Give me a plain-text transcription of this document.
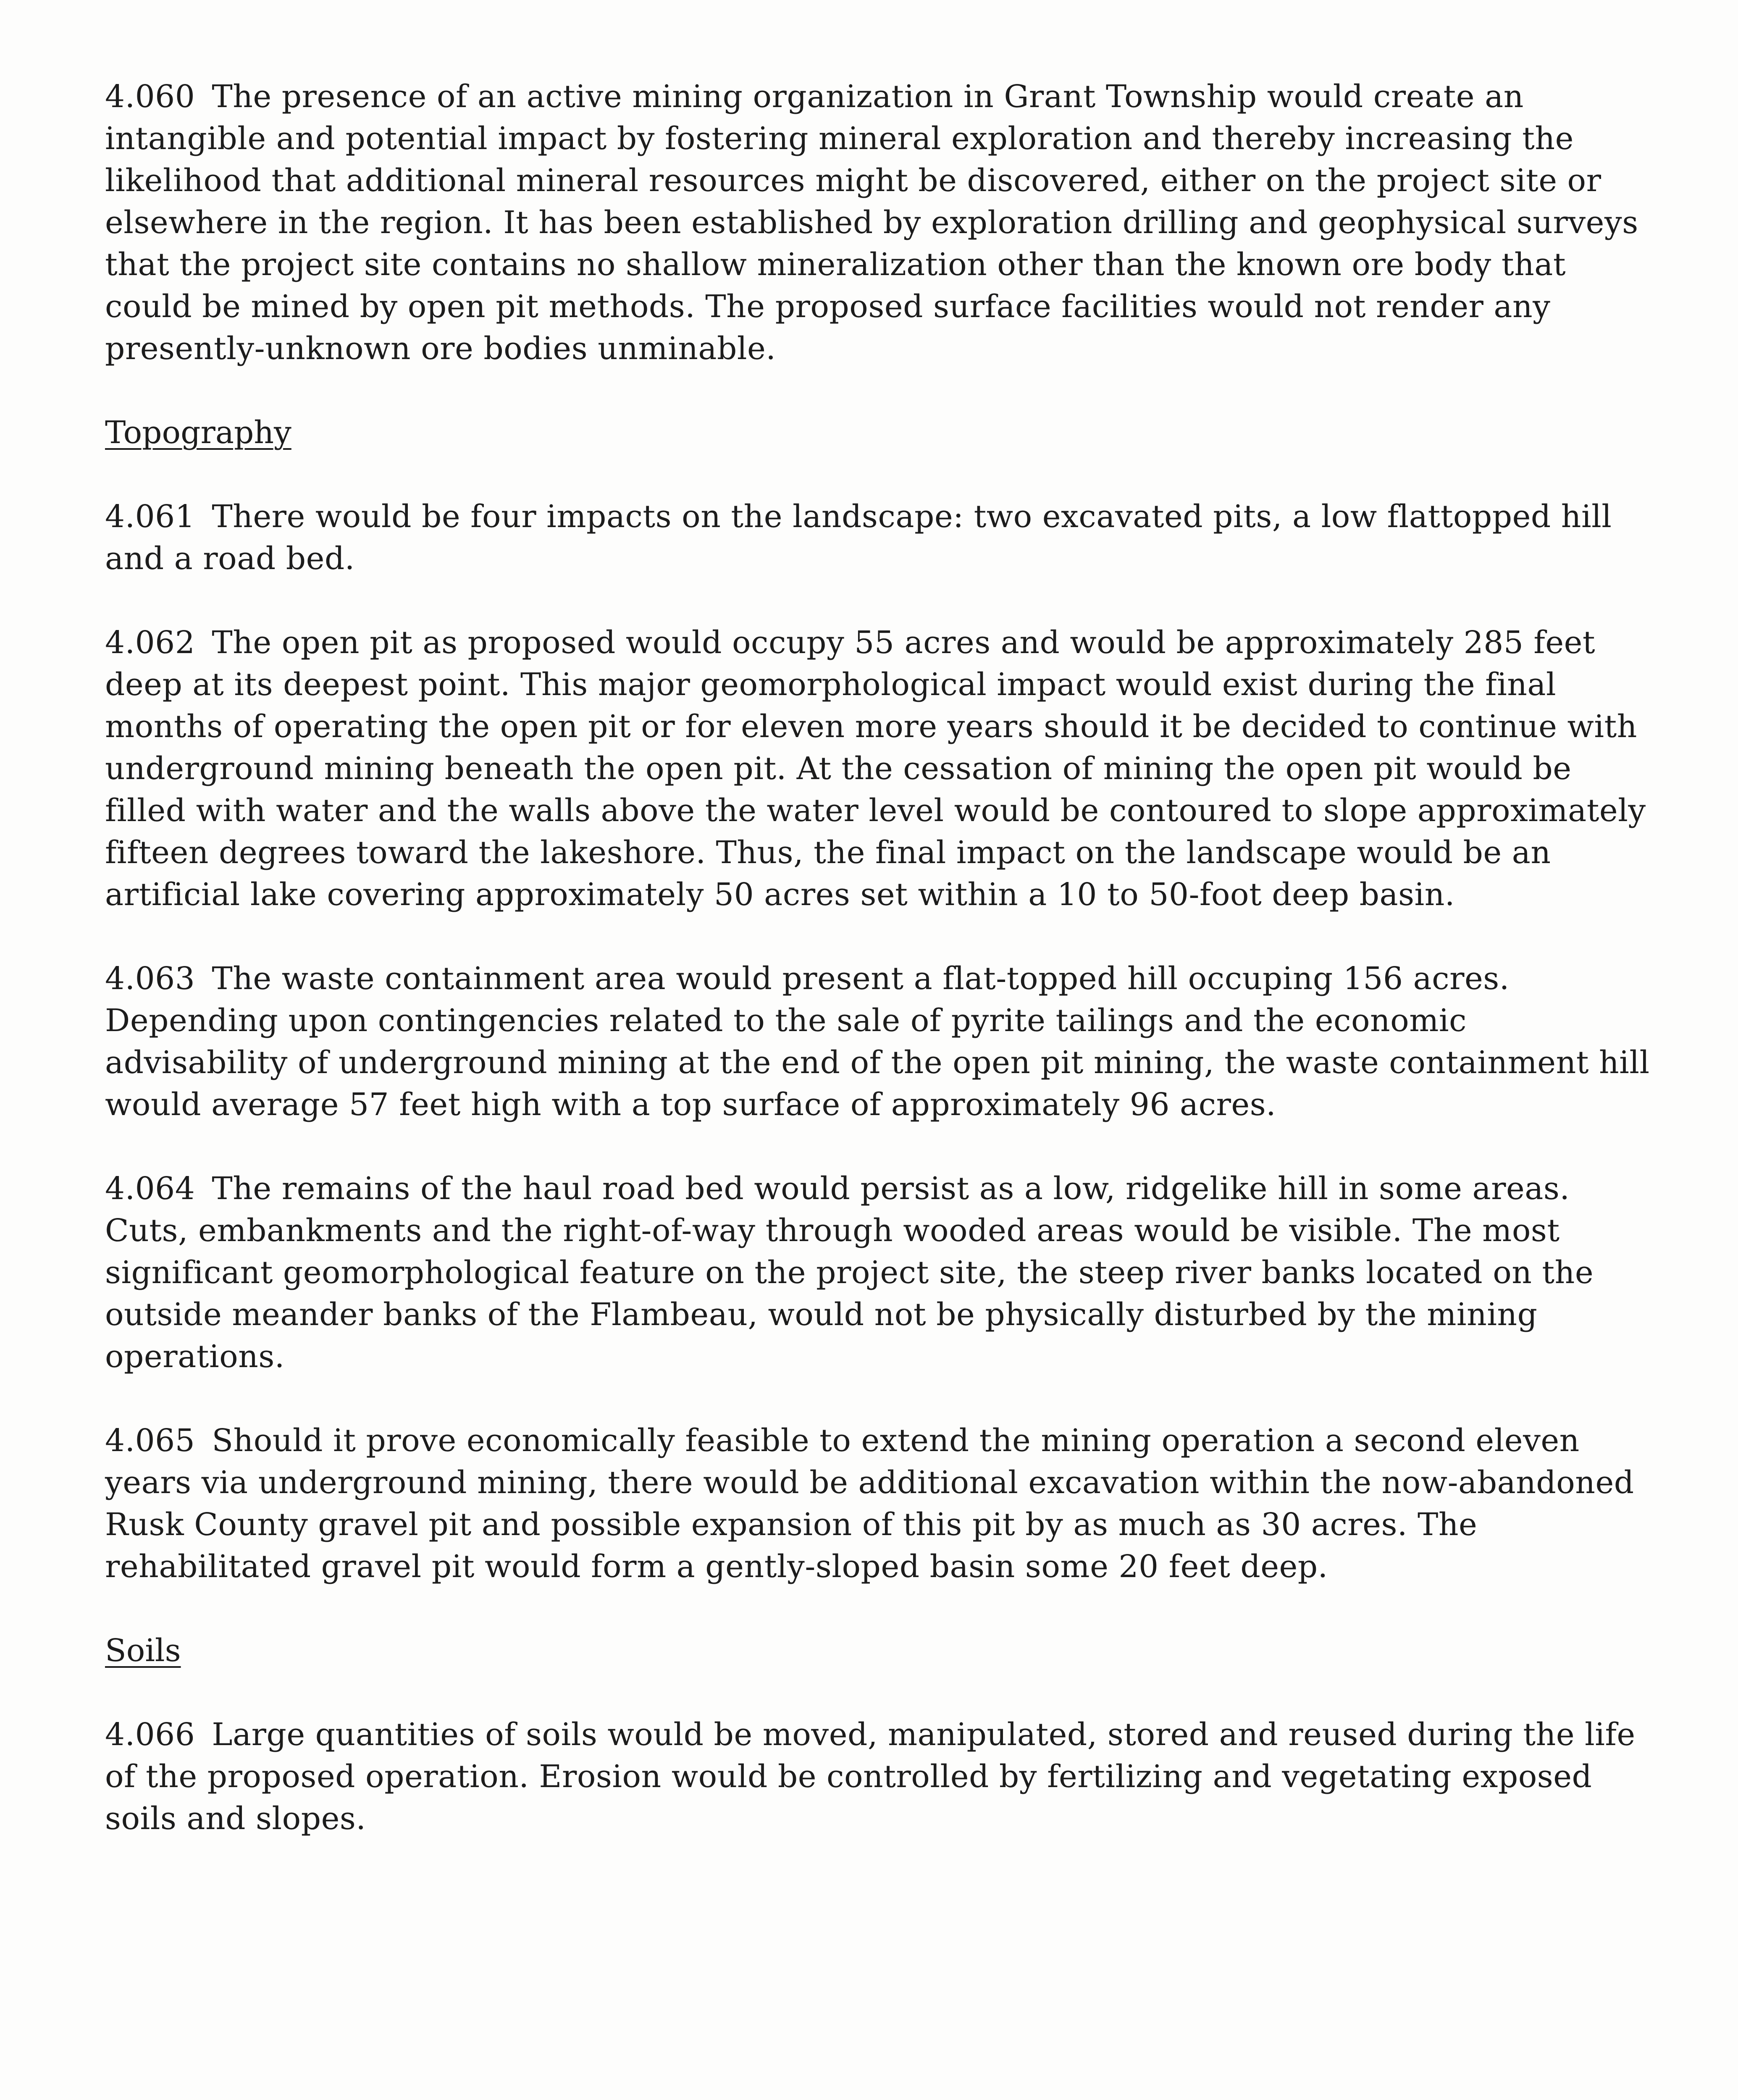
4.060 The presence of an active mining organization in Grant Township would create an intangible and potential impact by fostering mineral exploration and thereby increasing the likelihood that additional mineral resources might be discovered, either on the project site or elsewhere in the region. It has been established by exploration drilling and geophysical surveys that the project site contains no shallow mineralization other than the known ore body that could be mined by open pit methods. The proposed surface facilities would not render any presently-unknown ore bodies unminable.

Topography

4.061 There would be four impacts on the landscape: two excavated pits, a low flattopped hill and a road bed.

4.062 The open pit as proposed would occupy 55 acres and would be approximately 285 feet deep at its deepest point. This major geomorphological impact would exist during the final months of operating the open pit or for eleven more years should it be decided to continue with underground mining beneath the open pit. At the cessation of mining the open pit would be filled with water and the walls above the water level would be contoured to slope approximately fifteen degrees toward the lakeshore. Thus, the final impact on the landscape would be an artificial lake covering approximately 50 acres set within a 10 to 50-foot deep basin.

4.063 The waste containment area would present a flat-topped hill occuping 156 acres. Depending upon contingencies related to the sale of pyrite tailings and the economic advisability of underground mining at the end of the open pit mining, the waste containment hill would average 57 feet high with a top surface of approximately 96 acres.

4.064 The remains of the haul road bed would persist as a low, ridgelike hill in some areas. Cuts, embankments and the right-of-way through wooded areas would be visible. The most significant geomorphological feature on the project site, the steep river banks located on the outside meander banks of the Flambeau, would not be physically disturbed by the mining operations.

4.065 Should it prove economically feasible to extend the mining operation a second eleven years via underground mining, there would be additional excavation within the now-abandoned Rusk County gravel pit and possible expansion of this pit by as much as 30 acres. The rehabilitated gravel pit would form a gently-sloped basin some 20 feet deep.

Soils

4.066 Large quantities of soils would be moved, manipulated, stored and reused during the life of the proposed operation. Erosion would be controlled by fertilizing and vegetating exposed soils and slopes.
